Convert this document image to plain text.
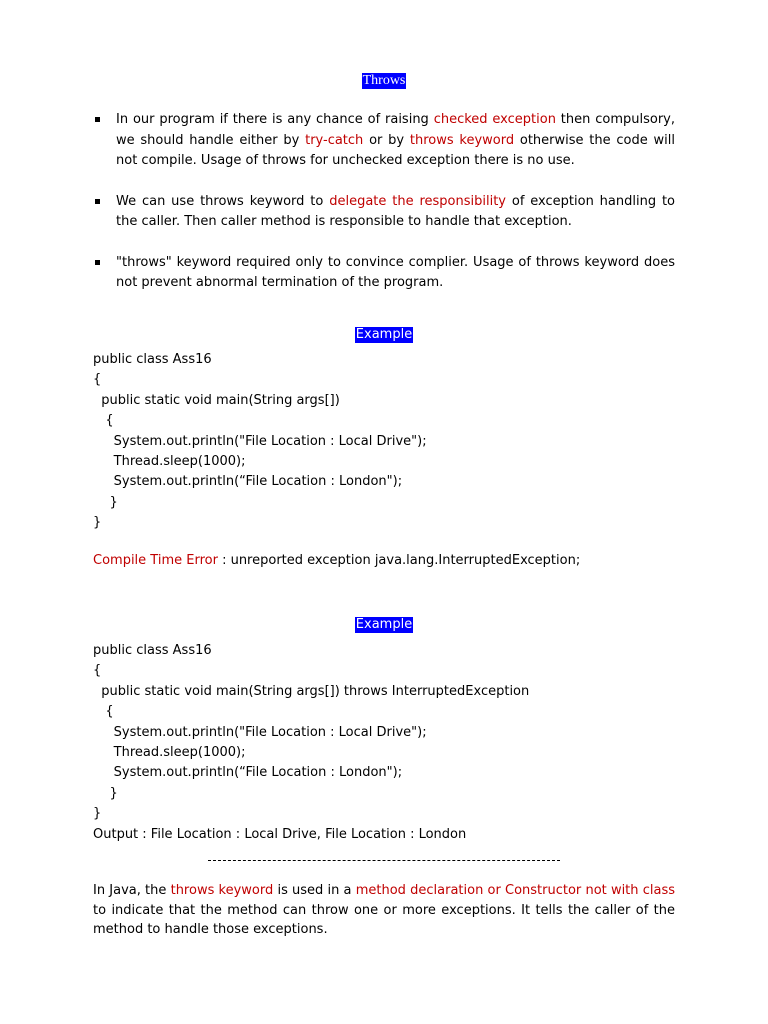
Throws

In our program if there is any chance of raising checked exception then compulsory, we should handle either by try-catch or by throws keyword otherwise the code will not compile. Usage of throws for unchecked exception there is no use.

We can use throws keyword to delegate the responsibility of exception handling to the caller. Then caller method is responsible to handle that exception.

"throws" keyword required only to convince complier. Usage of throws keyword does not prevent abnormal termination of the program.

Example
public class Ass16
{
public static void main(String args[])
{
System.out.println("File Location : Local Drive");
Thread.sleep(1000);
System.out.println(“File Location : London");
}
}
Compile Time Error : unreported exception java.lang.InterruptedException;
Example
public class Ass16
{
public static void main(String args[]) throws InterruptedException
{
System.out.println("File Location : Local Drive");
Thread.sleep(1000);
System.out.println(“File Location : London");
}
}
Output : File Location : Local Drive, File Location : London

In Java, the throws keyword is used in a method declaration or Constructor not with class to indicate that the method can throw one or more exceptions. It tells the caller of the method to handle those exceptions.
